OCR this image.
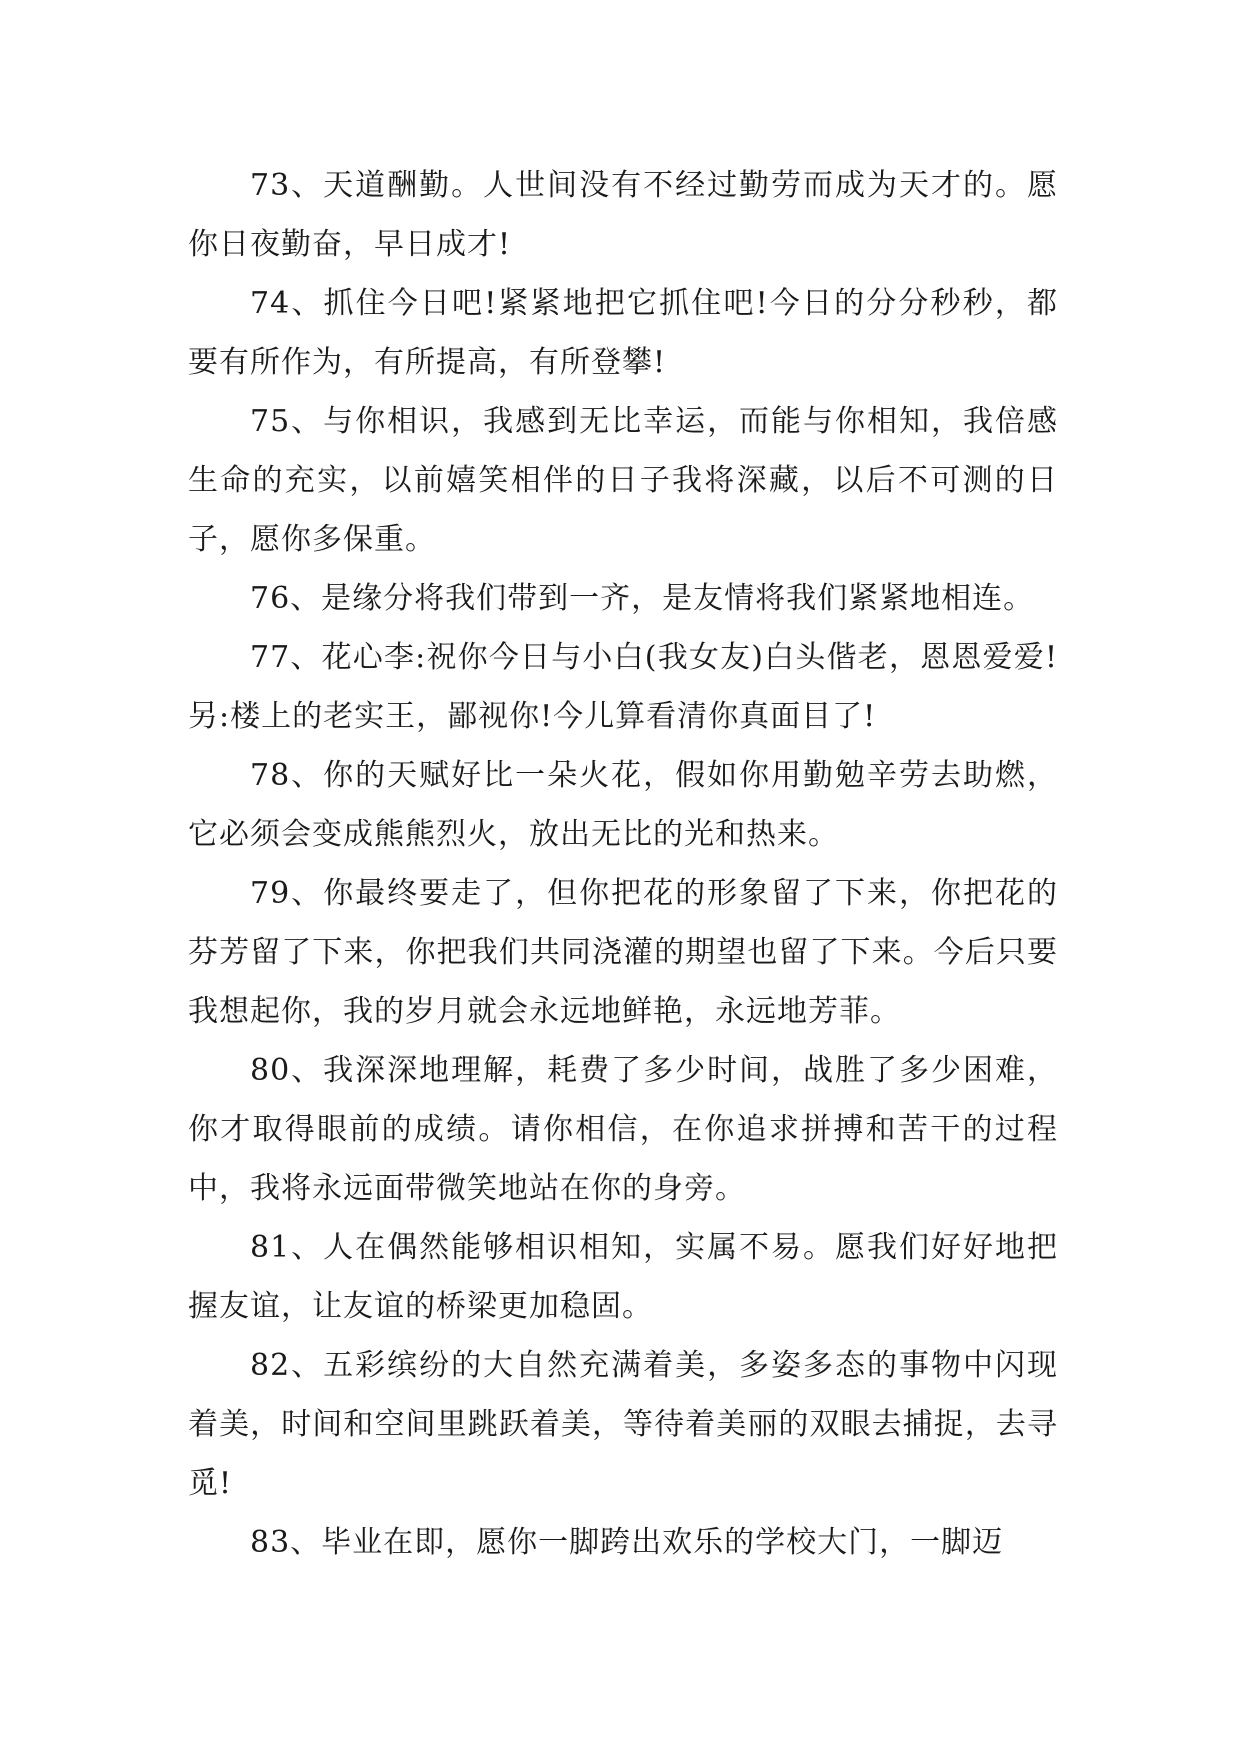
73、天道酬勤。人世间没有不经过勤劳而成为天才的。愿你日夜勤奋，早日成才!

74、抓住今日吧!紧紧地把它抓住吧!今日的分分秒秒，都要有所作为，有所提高，有所登攀!

75、与你相识，我感到无比幸运，而能与你相知，我倍感生命的充实，以前嬉笑相伴的日子我将深藏，以后不可测的日子，愿你多保重。

76、是缘分将我们带到一齐，是友情将我们紧紧地相连。

77、花心李:祝你今日与小白(我女友)白头偕老，恩恩爱爱!另:楼上的老实王，鄙视你!今儿算看清你真面目了!

78、你的天赋好比一朵火花，假如你用勤勉辛劳去助燃，它必须会变成熊熊烈火，放出无比的光和热来。

79、你最终要走了，但你把花的形象留了下来，你把花的芬芳留了下来，你把我们共同浇灌的期望也留了下来。今后只要我想起你，我的岁月就会永远地鲜艳，永远地芳菲。

80、我深深地理解，耗费了多少时间，战胜了多少困难，你才取得眼前的成绩。请你相信，在你追求拼搏和苦干的过程中，我将永远面带微笑地站在你的身旁。

81、人在偶然能够相识相知，实属不易。愿我们好好地把握友谊，让友谊的桥梁更加稳固。

82、五彩缤纷的大自然充满着美，多姿多态的事物中闪现着美，时间和空间里跳跃着美，等待着美丽的双眼去捕捉，去寻觅!

83、毕业在即，愿你一脚跨出欢乐的学校大门，一脚迈
